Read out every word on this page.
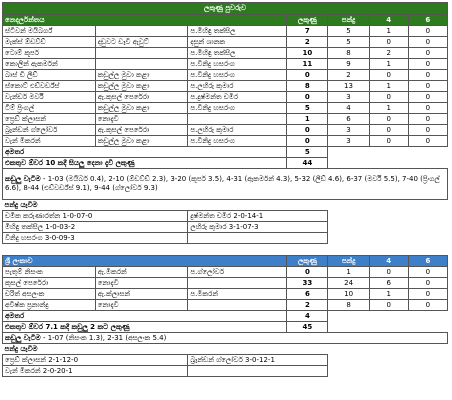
ලකුණු පුවරුව						
නෙදර්ලන්තය			ලකුණු	පන්දු	4	6
ස්ටිවන් මයිබර්ග්		ප.මිහිඳු තක්සිල	7	5	1	0
මැක්ස් ඕඩව්ඩ්	දඩුවට ඩෑවී ඇවුට්	දසුන් ශානක	2	5	0	0
ටොම් කූපර්		ප.මිහිඳු තක්සිල	10	8	2	0
කොලින් ඇකර්මන්		ප.විනිදු හසරංග	11	9	1	0
බාස් ඩි ලීඩ්	කඩුල්ල මුවා කළා	ප.විනිදු හසරංග	0	2	0	0
ස්කොට් එඩ්වර්ඩ්ස්	කඩුල්ල මුවා කළා	ප.ලහිරු කුමාර	8	13	1	0
වැන්ඩර් මර්වි	ඇ.කුසල් පෙරේරා	ප.දුෂ්මන්ත චමීර	0	3	0	0
ටිම් ප්‍රිංගල්	කඩුල්ල මුවා කළා	ප.විනිදු හසරංග	5	4	1	0
ප්‍රෙඩ් ක්ලාසන්	නොදැවී		1	6	0	0
බ්‍රෑන්ඩන් ග්ලෝවර්	ඇ.කුසල් පෙරේරා	ප.ලහිරු කුමාර	0	3	0	0
වැන් මීකරන්	කඩුල්ල මුවා කළා	ප.විනිදු හසරංග	0	3	0	0
අමතර			5			
එකතුව ඕවර 10 කදී සියලු දෙනා දැවී ලකුණු			44			
කඩුලු වැටීම - 1-03 (මයිබර් 0.4), 2-10 (ඕඩව්ඩ් 2.3), 3-20 (කූපර් 3.5), 4-31 (ඇකර්මන් 4.3), 5-32 (ලීඩ් 4.6), 6-37 (මර්වි 5.5), 7-40 (ප්‍රිංගල් 6.6), 8-44 (එඩ්වර්ඩ්ස් 9.1), 9-44 (ග්ලෝවර් 9.3)						
පන්දු යැවීම						
චමික කරුණාරත්න 1-0-07-0		දුෂ්මන්ත චමීර 2-0-14-1				
මිහිඳු තක්සිල 1-0-03-2		ලහිරු කුමාර 3-1-07-3				
විනිදු හසරංග 3-0-09-3						
ශ්‍රී ලංකාව			ලකුණු	පන්දු	4	6
පැතුම් නිසංක	ඇ.මීකරන්	ප.ග්ලෝවර්	0	1	0	0
කුසල් පෙරේරා	නොදැවී		33	24	6	0
චරිත් අසලංක	ඇ.ක්ලාසන්	ප.මීකරන්	6	10	1	0
අවිෂ්ක ප්‍රනාන්දු	නොදැවී		2	8	0	0
අමතර			4			
එකතුව ඕවර 7.1 කදී කඩුලු 2 කට ලකුණු			45			
කඩුලු වැටීම - 1-07 (නිසංක 1.3), 2-31 (අසලංක 5.4)						
පන්දු යැවීම						
ප්‍රෙඩ් ක්ලාසන් 2-1-12-0		බ්‍රෑන්ඩන් ග්ලෝවර් 3-0-12-1				
වැන් මීකරන් 2-0-20-1						
